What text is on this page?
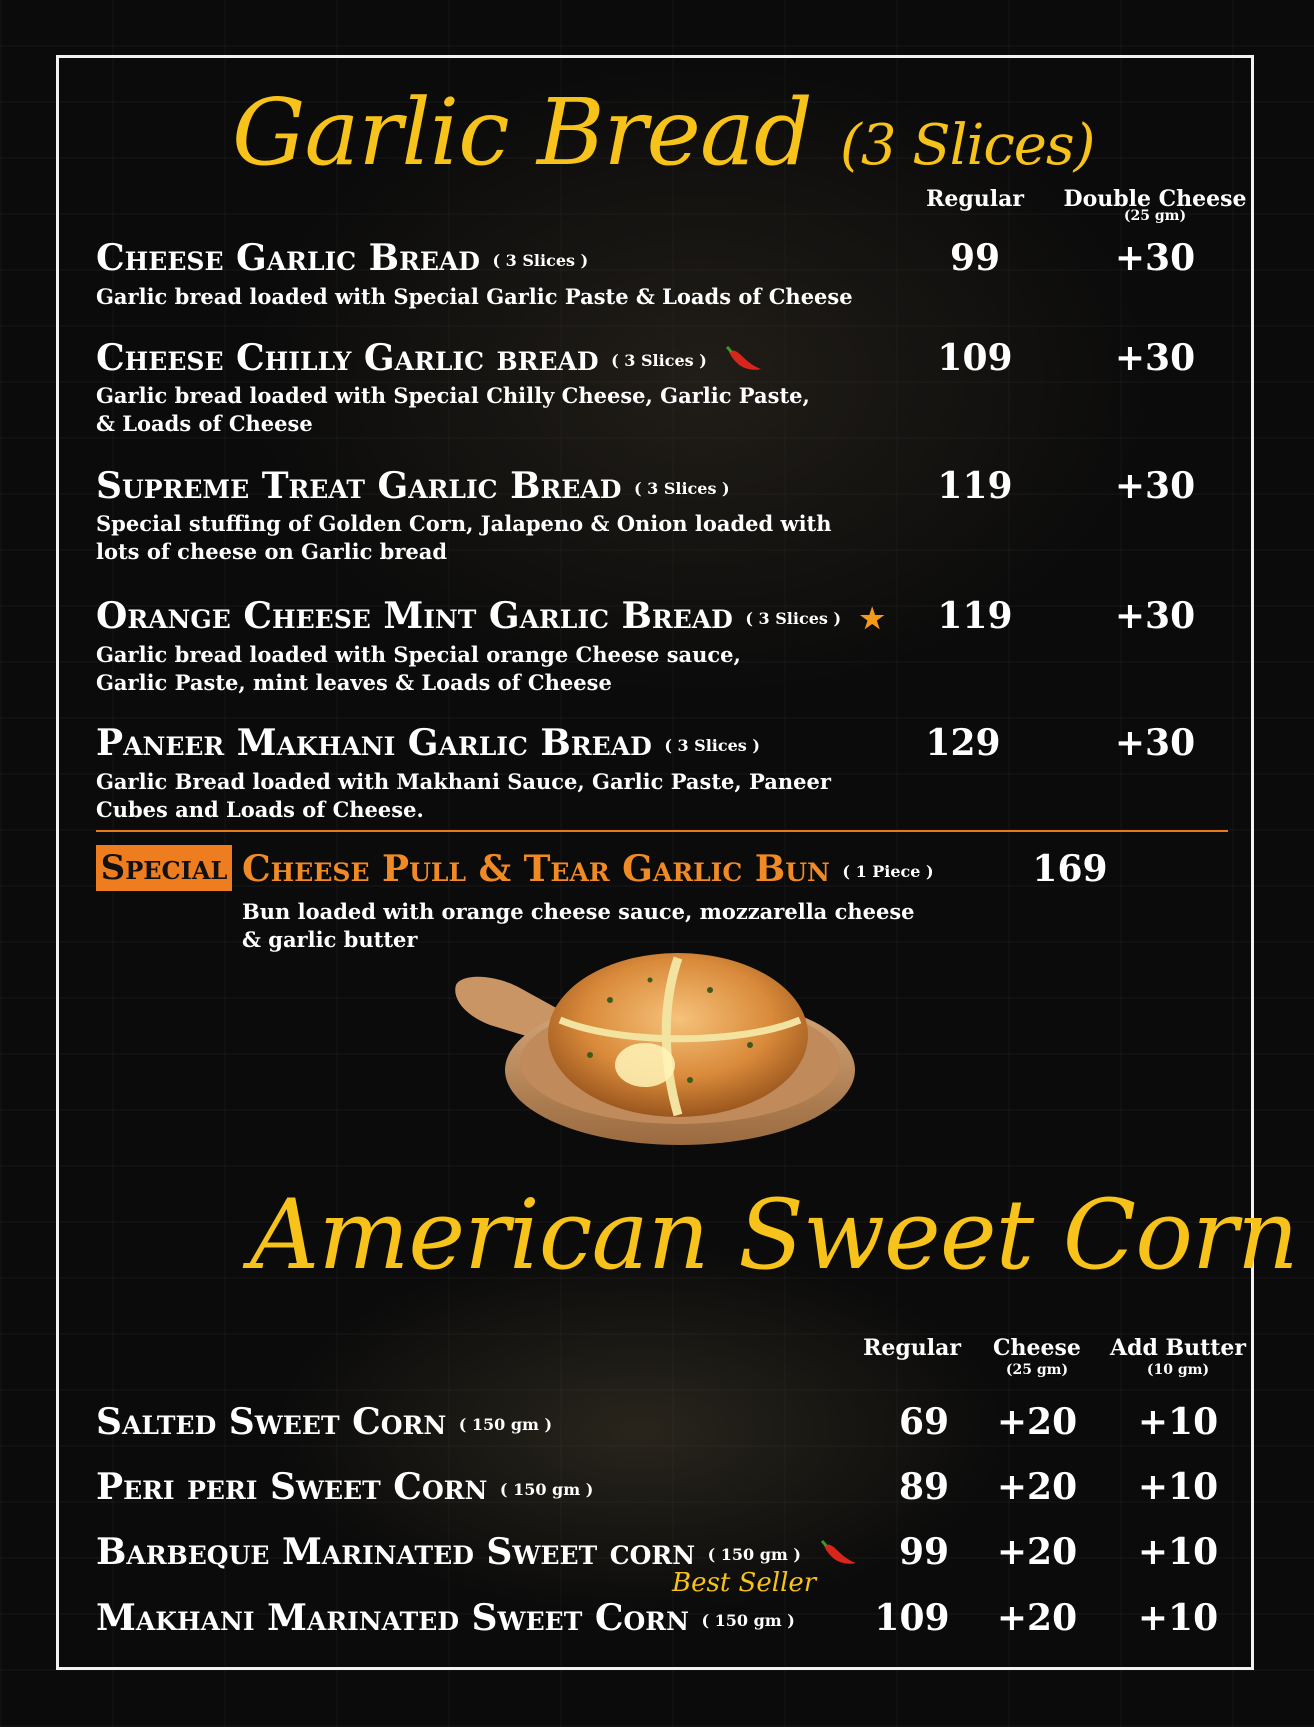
Garlic Bread (3 Slices)
Regular	Double Cheese
(25 gm)
Cheese Garlic Bread ( 3 Slices )
Garlic bread loaded with Special Garlic Paste & Loads of Cheese
99	+30
Cheese Chilly Garlic bread ( 3 Slices )
Garlic bread loaded with Special Chilly Cheese, Garlic Paste,
& Loads of Cheese
109	+30
Supreme Treat Garlic Bread ( 3 Slices )
Special stuffing of Golden Corn, Jalapeno & Onion loaded with
lots of cheese on Garlic bread
119	+30
Orange Cheese Mint Garlic Bread ( 3 Slices ) ★
Garlic bread loaded with Special orange Cheese sauce,
Garlic Paste, mint leaves & Loads of Cheese
119	+30
Paneer Makhani Garlic Bread ( 3 Slices )
Garlic Bread loaded with Makhani Sauce, Garlic Paste, Paneer
Cubes and Loads of Cheese.
129	+30
Special Cheese Pull & Tear Garlic Bun ( 1 Piece )
Bun loaded with orange cheese sauce, mozzarella cheese
& garlic butter
169
American Sweet Corn
Regular	Cheese
(25 gm)
Add Butter
(10 gm)
Salted Sweet Corn ( 150 gm )	69	+20	+10
Peri peri Sweet Corn ( 150 gm )	89	+20	+10
Barbeque Marinated Sweet corn ( 150 gm )	99	+20	+10
Best Seller
Makhani Marinated Sweet Corn ( 150 gm )	109	+20	+10
